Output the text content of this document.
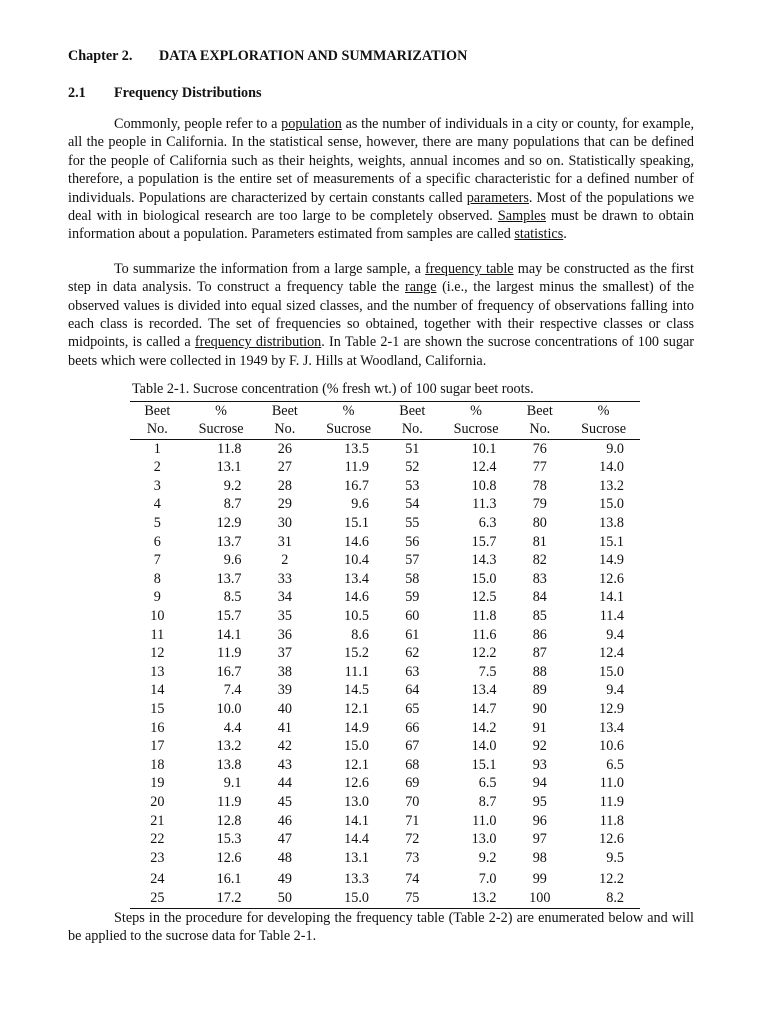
Chapter 2. DATA EXPLORATION AND SUMMARIZATION
2.1 Frequency Distributions

Commonly, people refer to a population as the number of individuals in a city or county, for example, all the people in California. In the statistical sense, however, there are many populations that can be defined for the people of California such as their heights, weights, annual incomes and so on. Statistically speaking, therefore, a population is the entire set of measurements of a specific characteristic for a defined number of individuals. Populations are characterized by certain constants called parameters. Most of the populations we deal with in biological research are too large to be completely observed. Samples must be drawn to obtain information about a population. Parameters estimated from samples are called statistics.

To summarize the information from a large sample, a frequency table may be constructed as the first step in data analysis. To construct a frequency table the range (i.e., the largest minus the smallest) of the observed values is divided into equal sized classes, and the number of frequency of observations falling into each class is recorded. The set of frequencies so obtained, together with their respective classes or class midpoints, is called a frequency distribution. In Table 2-1 are shown the sucrose concentrations of 100 sugar beets which were collected in 1949 by F. J. Hills at Woodland, California.

Table 2-1. Sucrose concentration (% fresh wt.) of 100 sugar beet roots.
Beet	%	Beet	%	Beet	%	Beet	%
No.	Sucrose	No.	Sucrose	No.	Sucrose	No.	Sucrose
1	11.8	26	13.5	51	10.1	76	9.0
2	13.1	27	11.9	52	12.4	77	14.0
3	9.2	28	16.7	53	10.8	78	13.2
4	8.7	29	9.6	54	11.3	79	15.0
5	12.9	30	15.1	55	6.3	80	13.8
6	13.7	31	14.6	56	15.7	81	15.1
7	9.6	2	10.4	57	14.3	82	14.9
8	13.7	33	13.4	58	15.0	83	12.6
9	8.5	34	14.6	59	12.5	84	14.1
10	15.7	35	10.5	60	11.8	85	11.4
11	14.1	36	8.6	61	11.6	86	9.4
12	11.9	37	15.2	62	12.2	87	12.4
13	16.7	38	11.1	63	7.5	88	15.0
14	7.4	39	14.5	64	13.4	89	9.4
15	10.0	40	12.1	65	14.7	90	12.9
16	4.4	41	14.9	66	14.2	91	13.4
17	13.2	42	15.0	67	14.0	92	10.6
18	13.8	43	12.1	68	15.1	93	6.5
19	9.1	44	12.6	69	6.5	94	11.0
20	11.9	45	13.0	70	8.7	95	11.9
21	12.8	46	14.1	71	11.0	96	11.8
22	15.3	47	14.4	72	13.0	97	12.6
23	12.6	48	13.1	73	9.2	98	9.5
24	16.1	49	13.3	74	7.0	99	12.2
25	17.2	50	15.0	75	13.2	100	8.2

Steps in the procedure for developing the frequency table (Table 2-2) are enumerated below and will be applied to the sucrose data for Table 2-1.
